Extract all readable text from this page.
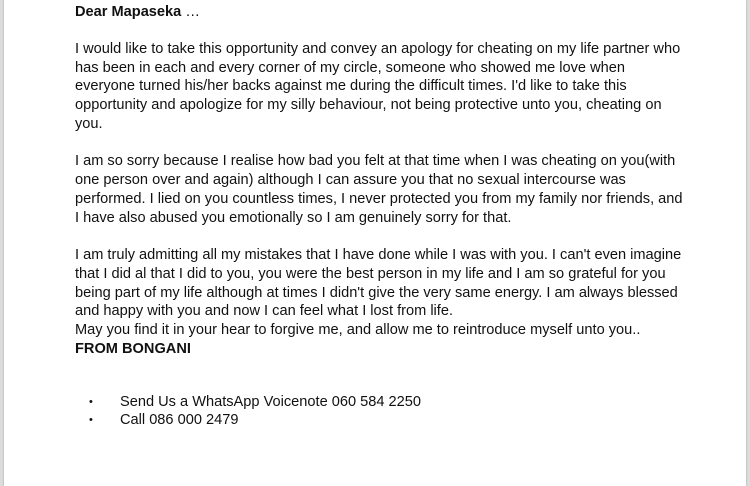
Dear Mapaseka …

I would like to take this opportunity and convey an apology for cheating on my life partner who has been in each and every corner of my circle, someone who showed me love when everyone turned his/her backs against me during the difficult times. I'd like to take this opportunity and apologize for my silly behaviour, not being protective unto you, cheating on you.

I am so sorry because I realise how bad you felt at that time when I was cheating on you(with one person over and again) although I can assure you that no sexual intercourse was performed. I lied on you countless times, I never protected you from my family nor friends, and I have also abused you emotionally so I am genuinely sorry for that.

I am truly admitting all my mistakes that I have done while I was with you. I can't even imagine that I did al that I did to you, you were the best person in my life and I am so grateful for you being part of my life although at times I didn't give the very same energy. I am always blessed and happy with you and now I can feel what I lost from life.

May you find it in your hear to forgive me, and allow me to reintroduce myself unto you.. FROM BONGANI

• Send Us a WhatsApp Voicenote 060 584 2250
• Call 086 000 2479
